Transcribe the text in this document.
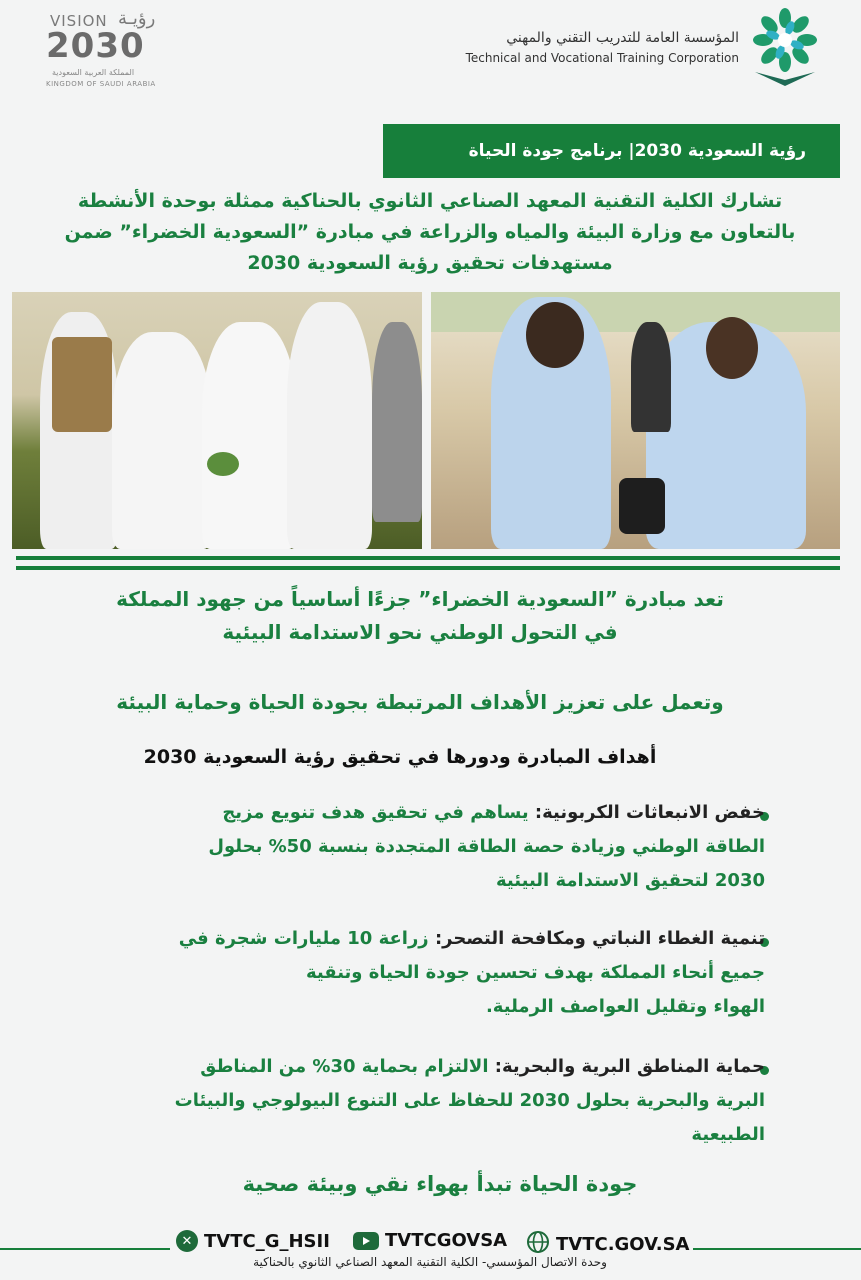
VISION رؤيـة
2030
المملكة العربية السعودية
KINGDOM OF SAUDI ARABIA
المؤسسة العامة للتدريب التقني والمهني
Technical and Vocational Training Corporation
رؤية السعودية 2030| برنامج جودة الحياة
تشارك الكلية التقنية المعهد الصناعي الثانوي بالحناكية ممثلة بوحدة الأنشطة
بالتعاون مع وزارة البيئة والمياه والزراعة في مبادرة ”السعودية الخضراء” ضمن
مستهدفات تحقيق رؤية السعودية 2030
تعد مبادرة ”السعودية الخضراء” جزءًا أساسياً من جهود المملكة
في التحول الوطني نحو الاستدامة البيئية
وتعمل على تعزيز الأهداف المرتبطة بجودة الحياة وحماية البيئة
أهداف المبادرة ودورها في تحقيق رؤية السعودية 2030
خفض الانبعاثات الكربونية: يساهم في تحقيق هدف تنويع مزيج
الطاقة الوطني وزيادة حصة الطاقة المتجددة بنسبة 50% بحلول
2030 لتحقيق الاستدامة البيئية
تنمية الغطاء النباتي ومكافحة التصحر: زراعة 10 مليارات شجرة في
جميع أنحاء المملكة بهدف تحسين جودة الحياة وتنقية
الهواء وتقليل العواصف الرملية.
حماية المناطق البرية والبحرية: الالتزام بحماية 30% من المناطق
البرية والبحرية بحلول 2030 للحفاظ على التنوع البيولوجي والبيئات
الطبيعية
جودة الحياة تبدأ بهواء نقي وبيئة صحية
✕ TVTC_G_HSII	TVTCGOVSA	TVTC.GOV.SA
وحدة الاتصال المؤسسي- الكلية التقنية المعهد الصناعي الثانوي بالحناكية
